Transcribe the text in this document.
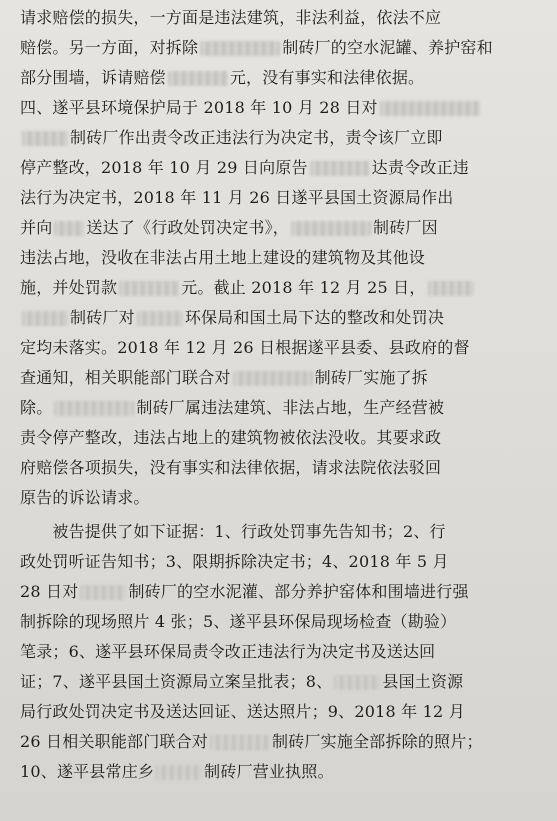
请求赔偿的损失，一方面是违法建筑，非法利益，依法不应
赔偿。另一方面，对拆除	制砖厂的空水泥罐、养护窑和
部分围墙，诉请赔偿	元，没有事实和法律依据。
四、遂平县环境保护局于 2018 年 10 月 28 日对
制砖厂作出责令改正违法行为决定书，责令该厂立即
停产整改，2018 年 10 月 29 日向原告	达责令改正违
法行为决定书，2018 年 11 月 26 日遂平县国土资源局作出
并向 送达了《行政处罚决定书》，	制砖厂因
违法占地，没收在非法占用土地上建设的建筑物及其他设
施，并处罚款	元。截止 2018 年 12 月 25 日，
制砖厂对	环保局和国土局下达的整改和处罚决
定均未落实。2018 年 12 月 26 日根据遂平县委、县政府的督
查通知，相关职能部门联合对	制砖厂实施了拆
除。	制砖厂属违法建筑、非法占地，生产经营被
责令停产整改，违法占地上的建筑物被依法没收。其要求政
府赔偿各项损失，没有事实和法律依据，请求法院依法驳回
原告的诉讼请求。
　　被告提供了如下证据：1、行政处罚事先告知书；2、行
政处罚听证告知书；3、限期拆除决定书；4、2018 年 5 月
28 日对	制砖厂的空水泥灌、部分养护窑体和围墙进行强
制拆除的现场照片 4 张；5、遂平县环保局现场检查（勘验）
笔录；6、遂平县环保局责令改正违法行为决定书及送达回
证；7、遂平县国土资源局立案呈批表；8、	县国土资源
局行政处罚决定书及送达回证、送达照片；9、2018 年 12 月
26 日相关职能部门联合对	制砖厂实施全部拆除的照片；
10、遂平县常庄乡	制砖厂营业执照。
